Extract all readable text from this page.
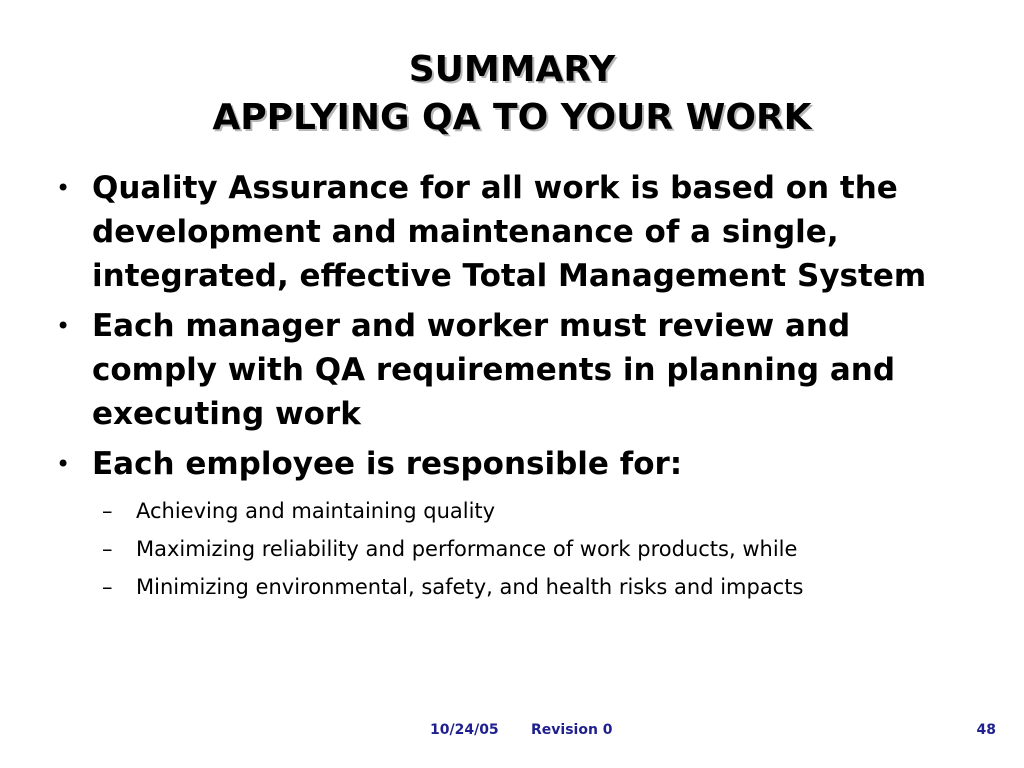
SUMMARY
APPLYING QA TO YOUR WORK
• Quality Assurance for all work is based on the development and maintenance of a single, integrated, effective Total Management System
• Each manager and worker must review and comply with QA requirements in planning and executing work
• Each employee is responsible for:
– Achieving and maintaining quality
– Maximizing reliability and performance of work products, while
– Minimizing environmental, safety, and health risks and impacts
10/24/05 Revision 0	48
